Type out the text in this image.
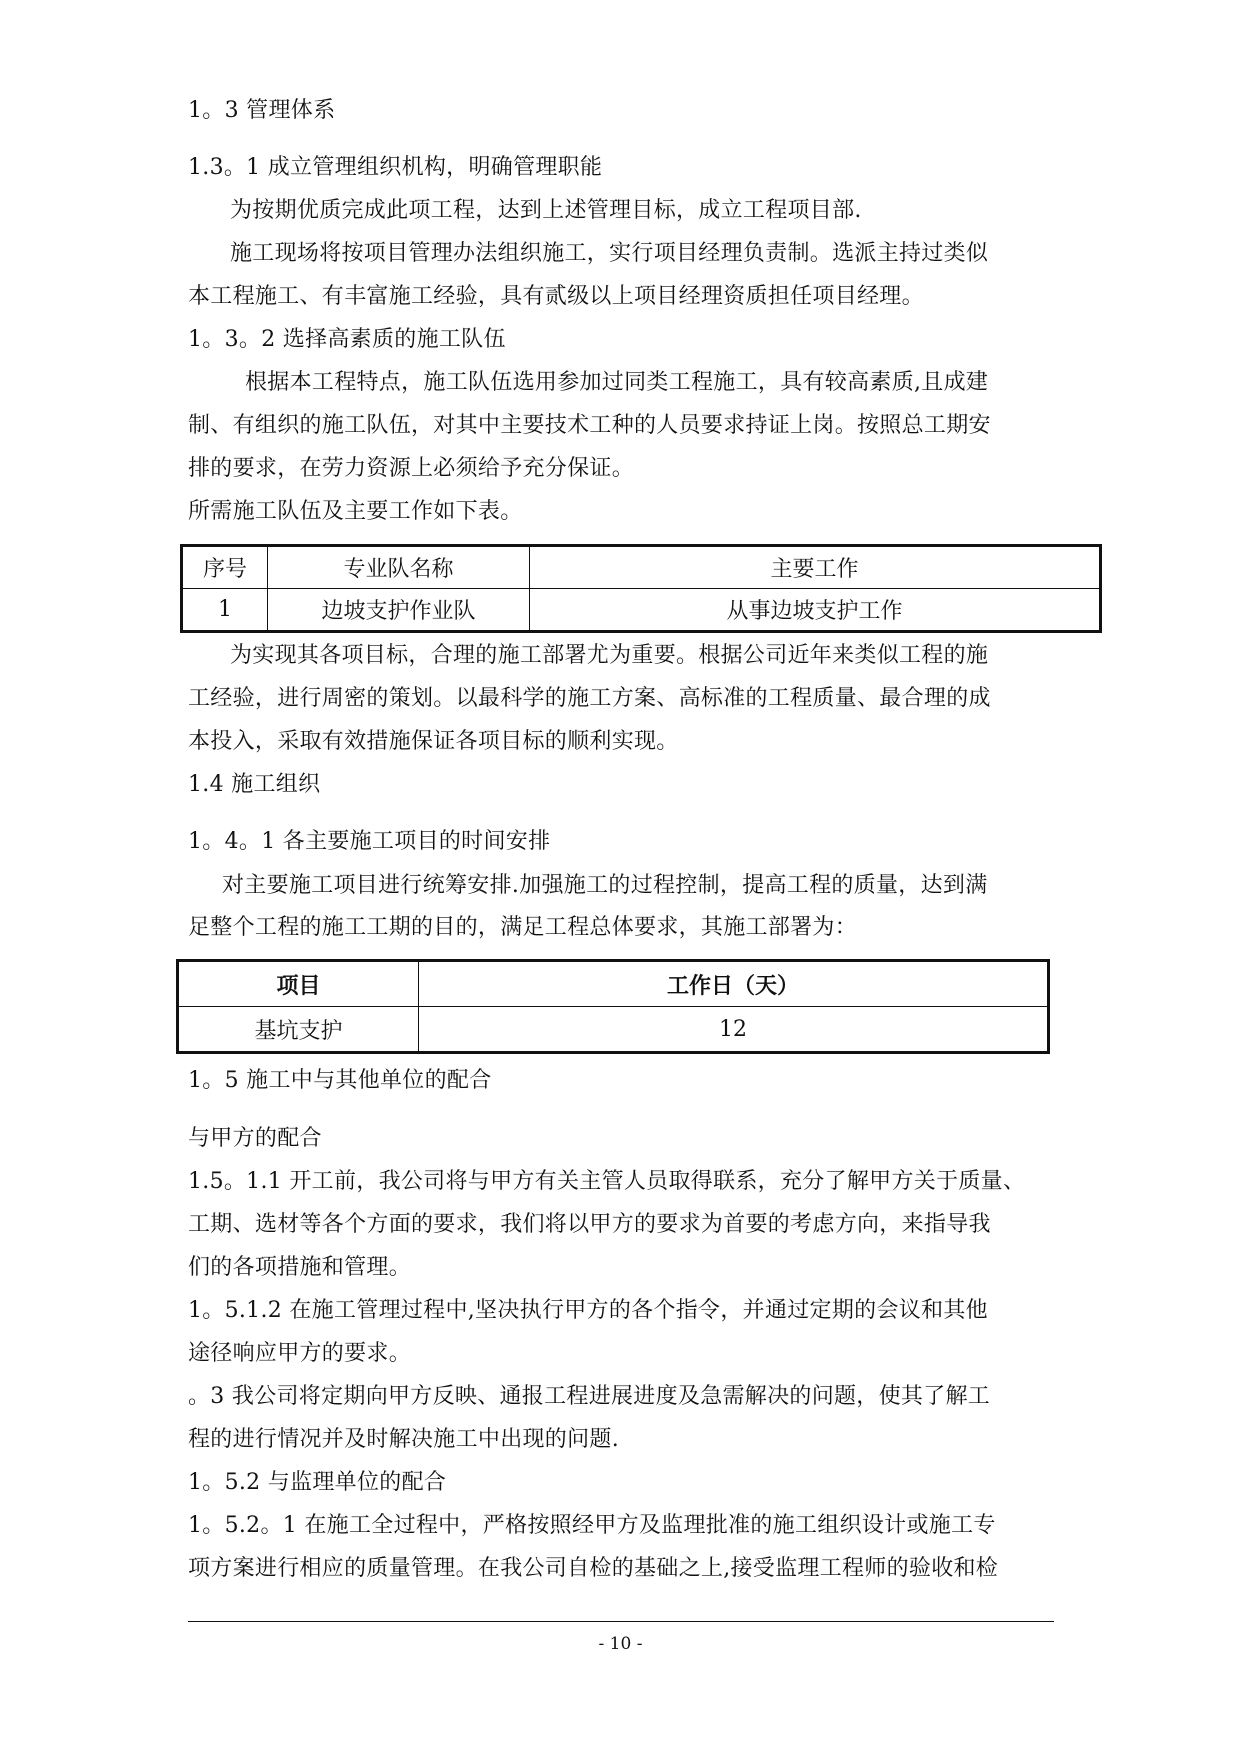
1。3 管理体系
1.3。1 成立管理组织机构，明确管理职能
为按期优质完成此项工程，达到上述管理目标，成立工程项目部.
施工现场将按项目管理办法组织施工，实行项目经理负责制。选派主持过类似
本工程施工、有丰富施工经验，具有贰级以上项目经理资质担任项目经理。
1。3。2 选择高素质的施工队伍
根据本工程特点，施工队伍选用参加过同类工程施工，具有较高素质,且成建
制、有组织的施工队伍，对其中主要技术工种的人员要求持证上岗。按照总工期安
排的要求，在劳力资源上必须给予充分保证。
所需施工队伍及主要工作如下表。
序号	专业队名称	主要工作
1	边坡支护作业队	从事边坡支护工作
为实现其各项目标，合理的施工部署尤为重要。根据公司近年来类似工程的施
工经验，进行周密的策划。以最科学的施工方案、高标准的工程质量、最合理的成
本投入，采取有效措施保证各项目标的顺利实现。
1.4 施工组织
1。4。1 各主要施工项目的时间安排
对主要施工项目进行统筹安排.加强施工的过程控制，提高工程的质量，达到满
足整个工程的施工工期的目的，满足工程总体要求，其施工部署为：
项目	工作日（天）
基坑支护	12
1。5 施工中与其他单位的配合
与甲方的配合
1.5。1.1 开工前，我公司将与甲方有关主管人员取得联系，充分了解甲方关于质量、
工期、选材等各个方面的要求，我们将以甲方的要求为首要的考虑方向，来指导我
们的各项措施和管理。
1。5.1.2 在施工管理过程中,坚决执行甲方的各个指令，并通过定期的会议和其他
途径响应甲方的要求。
。3 我公司将定期向甲方反映、通报工程进展进度及急需解决的问题，使其了解工
程的进行情况并及时解决施工中出现的问题.
1。5.2 与监理单位的配合
1。5.2。1 在施工全过程中，严格按照经甲方及监理批准的施工组织设计或施工专
项方案进行相应的质量管理。在我公司自检的基础之上,接受监理工程师的验收和检
- 10 -
